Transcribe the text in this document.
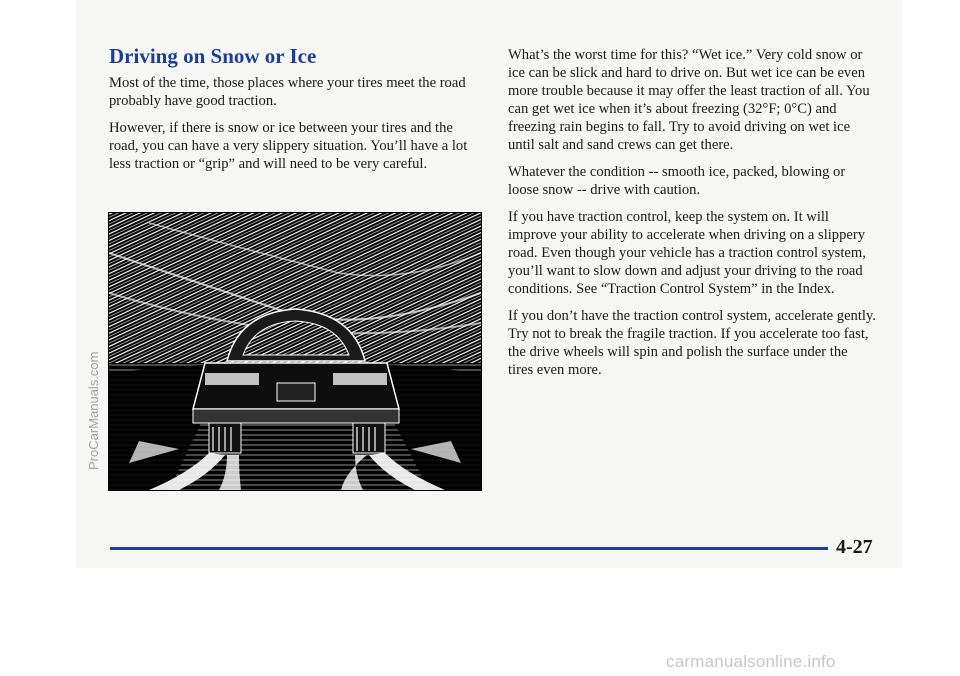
Driving on Snow or Ice

Most of the time, those places where your tires meet the road probably have good traction.

However, if there is snow or ice between your tires and the road, you can have a very slippery situation. You’ll have a lot less traction or “grip” and will need to be very careful.

What’s the worst time for this? “Wet ice.” Very cold snow or ice can be slick and hard to drive on. But wet ice can be even more trouble because it may offer the least traction of all. You can get wet ice when it’s about freezing (32°F; 0°C) and freezing rain begins to fall. Try to avoid driving on wet ice until salt and sand crews can get there.

Whatever the condition -- smooth ice, packed, blowing or loose snow -- drive with caution.

If you have traction control, keep the system on. It will improve your ability to accelerate when driving on a slippery road. Even though your vehicle has a traction control system, you’ll want to slow down and adjust your driving to the road conditions. See “Traction Control System” in the Index.

If you don’t have the traction control system, accelerate gently. Try not to break the fragile traction. If you accelerate too fast, the drive wheels will spin and polish the surface under the tires even more.

ProCarManuals.com
4-27
carmanualsonline.info
